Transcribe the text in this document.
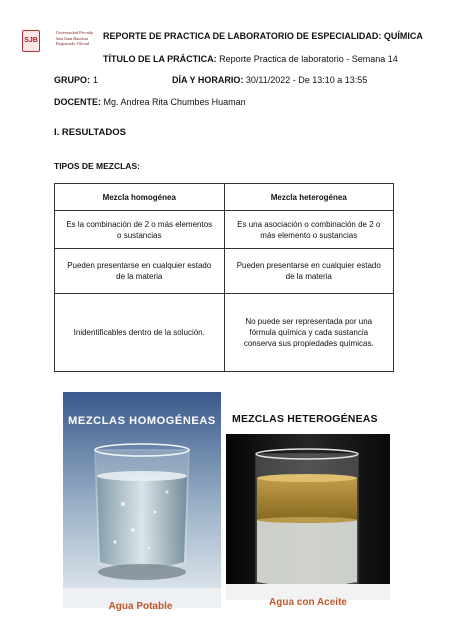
SJB
Universidad Privada
San Juan Bautista
Registrado Oficial
REPORTE DE PRACTICA DE LABORATORIO DE ESPECIALIDAD: QUÍMICA
TÍTULO DE LA PRÁCTICA: Reporte Practica de laboratorio - Semana 14
GRUPO: 1	DÍA Y HORARIO: 30/11/2022 - De 13:10 a 13:55
DOCENTE: Mg. Andrea Rita Chumbes Huaman
I. RESULTADOS
TIPOS DE MEZCLAS:
Mezcla homogénea	Mezcla heterogénea
Es la combinación de 2 o más elementos o sustancias	Es una asociación o combinación de 2 o más elemento o sustancias
Pueden presentarse en cualquier estado de la materia	Pueden presentarse en cualquier estado de la materia
Inidentificables dentro de la solución.	No puede ser representada por una fórmula química y cada sustancia conserva sus propiedades químicas.
MEZCLAS HOMOGÉNEAS
Agua Potable
MEZCLAS HETEROGÉNEAS
Agua con Aceite
